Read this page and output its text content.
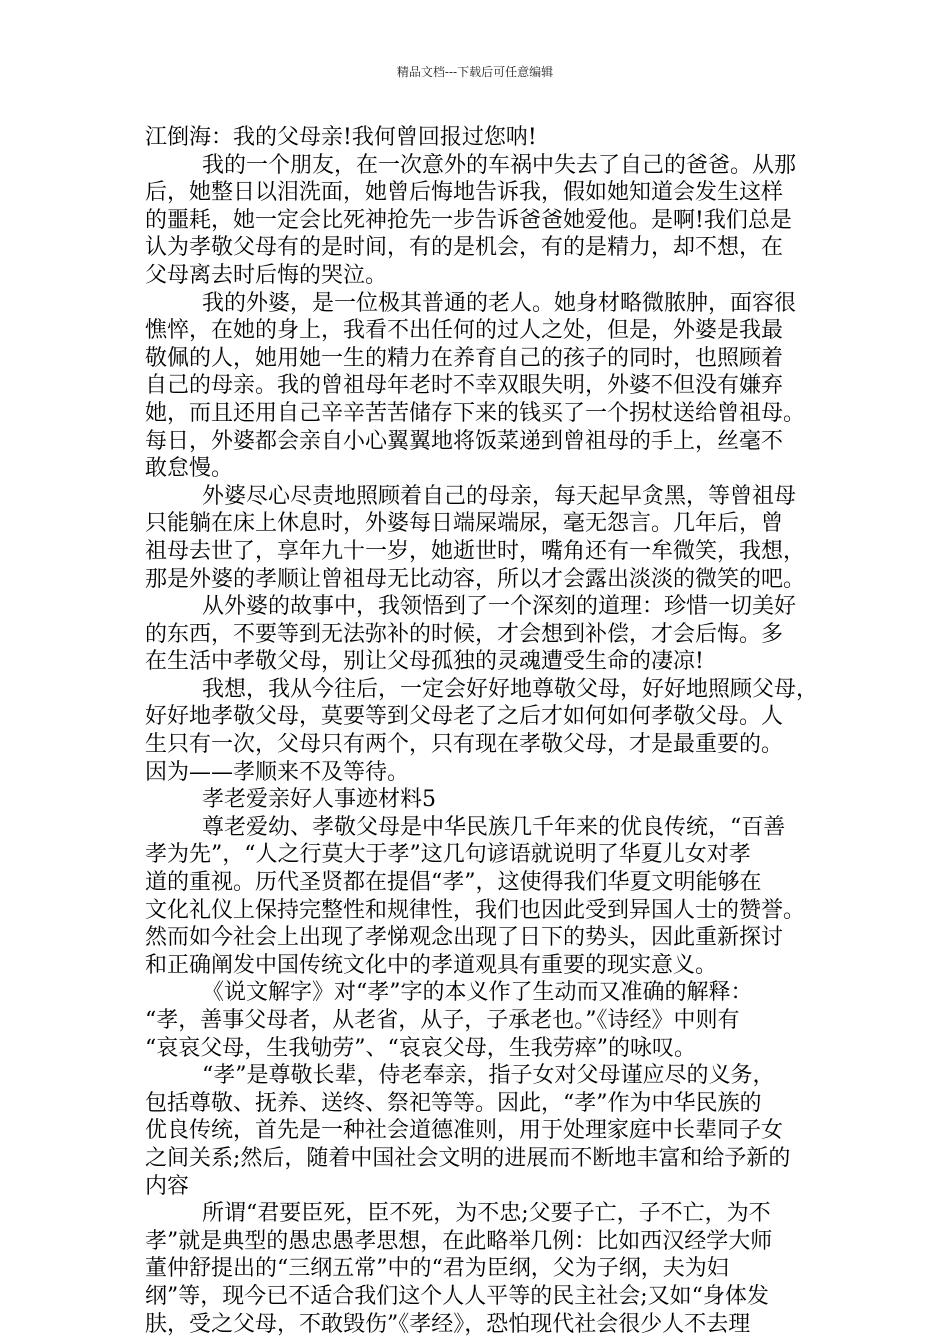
精品文档---下载后可任意编辑
江倒海：我的父母亲!我何曾回报过您呐!
我的一个朋友，在一次意外的车祸中失去了自己的爸爸。从那
后，她整日以泪洗面，她曾后悔地告诉我，假如她知道会发生这样
的噩耗，她一定会比死神抢先一步告诉爸爸她爱他。是啊!我们总是
认为孝敬父母有的是时间，有的是机会，有的是精力，却不想，在
父母离去时后悔的哭泣。
我的外婆，是一位极其普通的老人。她身材略微脓肿，面容很
憔悴，在她的身上，我看不出任何的过人之处，但是，外婆是我最
敬佩的人，她用她一生的精力在养育自己的孩子的同时，也照顾着
自己的母亲。我的曾祖母年老时不幸双眼失明，外婆不但没有嫌弃
她，而且还用自己辛辛苦苦储存下来的钱买了一个拐杖送给曾祖母。
每日，外婆都会亲自小心翼翼地将饭菜递到曾祖母的手上，丝毫不
敢怠慢。
外婆尽心尽责地照顾着自己的母亲，每天起早贪黑，等曾祖母
只能躺在床上休息时，外婆每日端屎端尿，毫无怨言。几年后，曾
祖母去世了，享年九十一岁，她逝世时，嘴角还有一牟微笑，我想，
那是外婆的孝顺让曾祖母无比动容，所以才会露出淡淡的微笑的吧。
从外婆的故事中，我领悟到了一个深刻的道理：珍惜一切美好
的东西，不要等到无法弥补的时候，才会想到补偿，才会后悔。多
在生活中孝敬父母，别让父母孤独的灵魂遭受生命的凄凉!
我想，我从今往后，一定会好好地尊敬父母，好好地照顾父母，
好好地孝敬父母，莫要等到父母老了之后才如何如何孝敬父母。人
生只有一次，父母只有两个，只有现在孝敬父母，才是最重要的。
因为——孝顺来不及等待。
孝老爱亲好人事迹材料5
尊老爱幼、孝敬父母是中华民族几千年来的优良传统，“百善
孝为先”，“人之行莫大于孝”这几句谚语就说明了华夏儿女对孝
道的重视。历代圣贤都在提倡“孝”，这使得我们华夏文明能够在
文化礼仪上保持完整性和规律性，我们也因此受到异国人士的赞誉。
然而如今社会上出现了孝悌观念出现了日下的势头，因此重新探讨
和正确阐发中国传统文化中的孝道观具有重要的现实意义。
《说文解字》对“孝”字的本义作了生动而又准确的解释：
“孝，善事父母者，从老省，从子，子承老也。”《诗经》中则有
“哀哀父母，生我劬劳”、“哀哀父母，生我劳瘁”的咏叹。
“孝”是尊敬长辈，侍老奉亲，指子女对父母谨应尽的义务，
包括尊敬、抚养、送终、祭祀等等。因此，“孝”作为中华民族的
优良传统，首先是一种社会道德准则，用于处理家庭中长辈同子女
之间关系;然后，随着中国社会文明的进展而不断地丰富和给予新的
内容
所谓“君要臣死，臣不死，为不忠;父要子亡，子不亡，为不
孝”就是典型的愚忠愚孝思想，在此略举几例：比如西汉经学大师
董仲舒提出的“三纲五常”中的“君为臣纲，父为子纲，夫为妇
纲”等，现今已不适合我们这个人人平等的民主社会;又如“身体发
肤，受之父母，不敢毁伤”《孝经》，恐怕现代社会很少人不去理
